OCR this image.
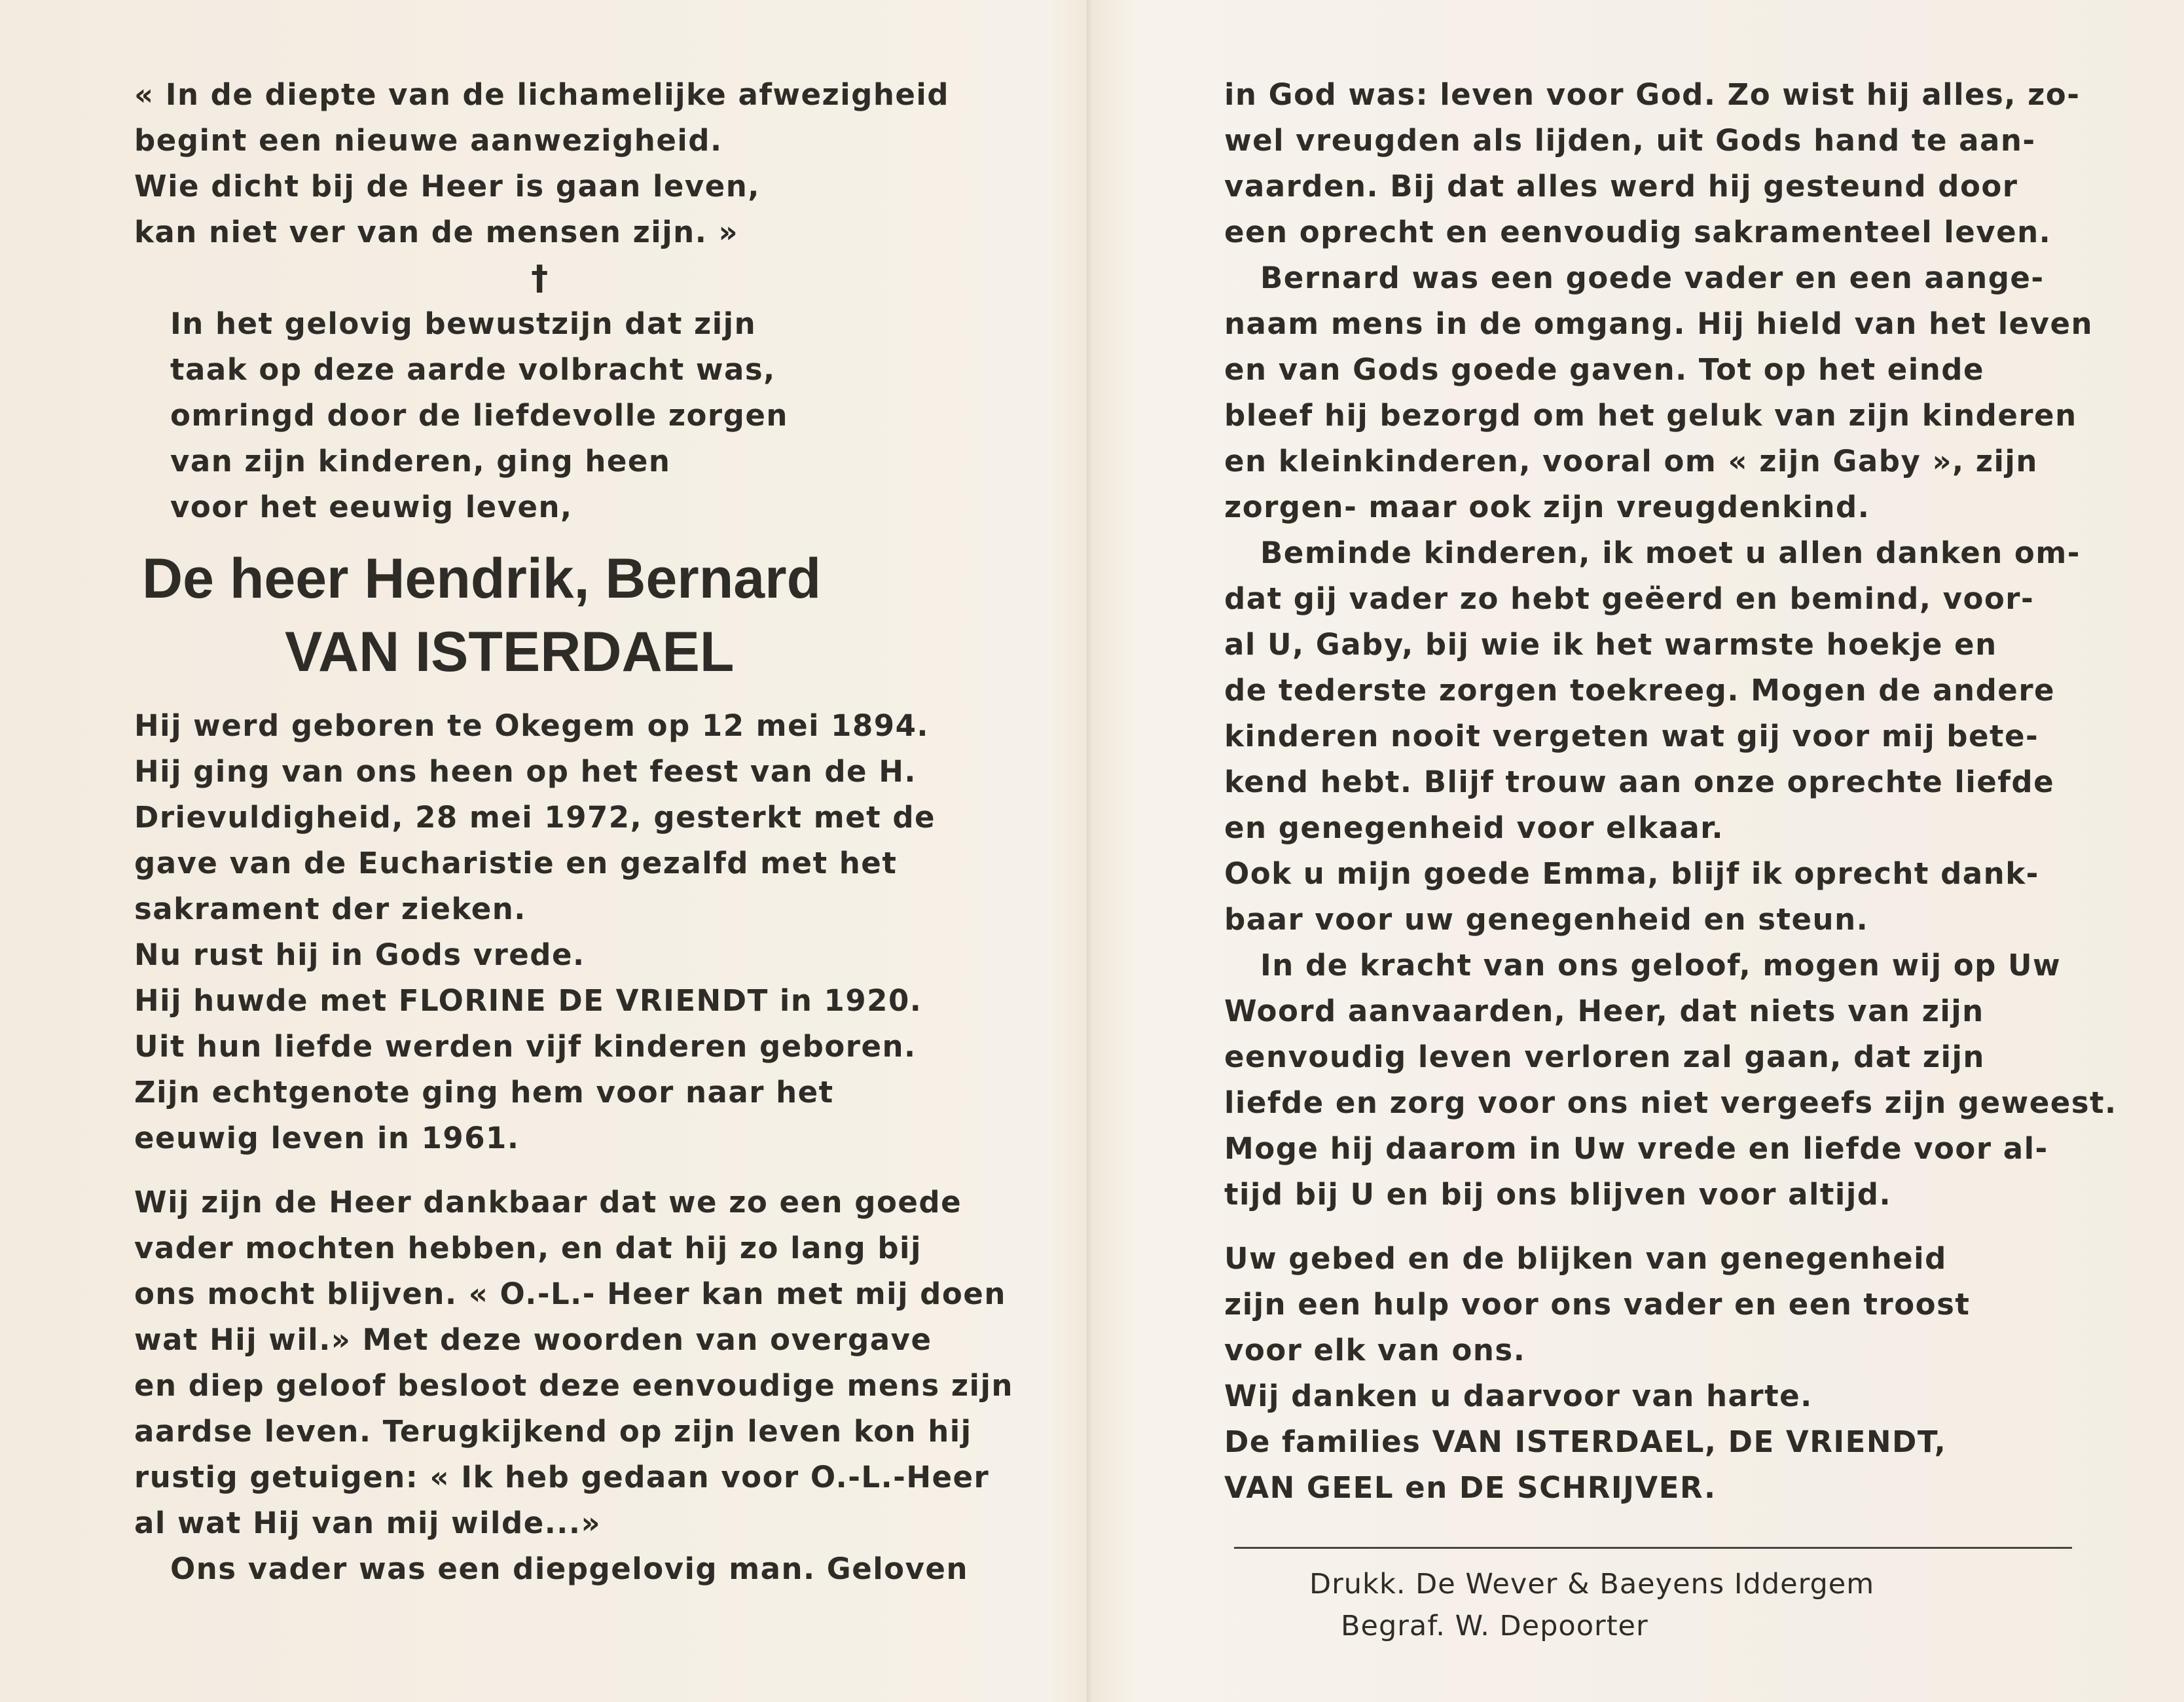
« In de diepte van de lichamelijke afwezigheid
begint een nieuwe aanwezigheid.
Wie dicht bij de Heer is gaan leven,
kan niet ver van de mensen zijn. »
†
In het gelovig bewustzijn dat zijn
taak op deze aarde volbracht was,
omringd door de liefdevolle zorgen
van zijn kinderen, ging heen
voor het eeuwig leven,
De heer Hendrik, Bernard
VAN ISTERDAEL
Hij werd geboren te Okegem op 12 mei 1894.
Hij ging van ons heen op het feest van de H.
Drievuldigheid, 28 mei 1972, gesterkt met de
gave van de Eucharistie en gezalfd met het
sakrament der zieken.
Nu rust hij in Gods vrede.
Hij huwde met FLORINE DE VRIENDT in 1920.
Uit hun liefde werden vijf kinderen geboren.
Zijn echtgenote ging hem voor naar het
eeuwig leven in 1961.
Wij zijn de Heer dankbaar dat we zo een goede
vader mochten hebben, en dat hij zo lang bij
ons mocht blijven. « O.-L.- Heer kan met mij doen
wat Hij wil.» Met deze woorden van overgave
en diep geloof besloot deze eenvoudige mens zijn
aardse leven. Terugkijkend op zijn leven kon hij
rustig getuigen: « Ik heb gedaan voor O.-L.-Heer
al wat Hij van mij wilde...»
Ons vader was een diepgelovig man. Geloven
in God was: leven voor God. Zo wist hij alles, zo-
wel vreugden als lijden, uit Gods hand te aan-
vaarden. Bij dat alles werd hij gesteund door
een oprecht en eenvoudig sakramenteel leven.
Bernard was een goede vader en een aange-
naam mens in de omgang. Hij hield van het leven
en van Gods goede gaven. Tot op het einde
bleef hij bezorgd om het geluk van zijn kinderen
en kleinkinderen, vooral om « zijn Gaby », zijn
zorgen- maar ook zijn vreugdenkind.
Beminde kinderen, ik moet u allen danken om-
dat gij vader zo hebt geëerd en bemind, voor-
al U, Gaby, bij wie ik het warmste hoekje en
de tederste zorgen toekreeg. Mogen de andere
kinderen nooit vergeten wat gij voor mij bete-
kend hebt. Blijf trouw aan onze oprechte liefde
en genegenheid voor elkaar.
Ook u mijn goede Emma, blijf ik oprecht dank-
baar voor uw genegenheid en steun.
In de kracht van ons geloof, mogen wij op Uw
Woord aanvaarden, Heer, dat niets van zijn
eenvoudig leven verloren zal gaan, dat zijn
liefde en zorg voor ons niet vergeefs zijn geweest.
Moge hij daarom in Uw vrede en liefde voor al-
tijd bij U en bij ons blijven voor altijd.
Uw gebed en de blijken van genegenheid
zijn een hulp voor ons vader en een troost
voor elk van ons.
Wij danken u daarvoor van harte.
De families VAN ISTERDAEL, DE VRIENDT,
VAN GEEL en DE SCHRIJVER.
Drukk. De Wever & Baeyens Iddergem
Begraf. W. Depoorter
